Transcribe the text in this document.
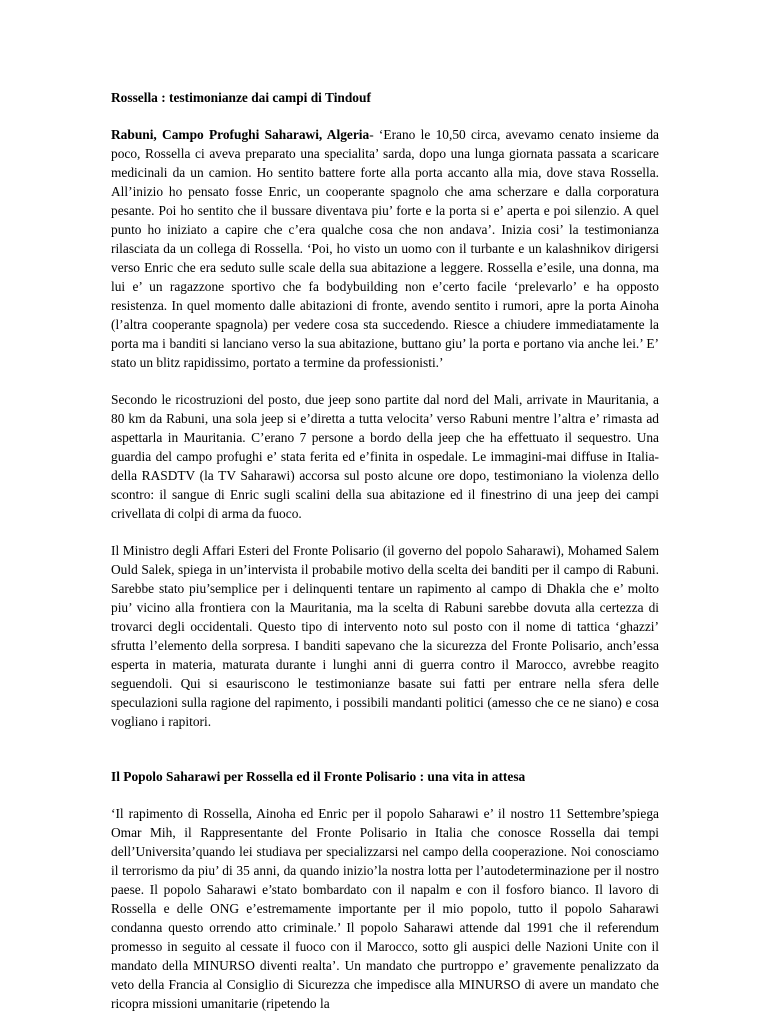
Rossella : testimonianze dai campi di Tindouf

Rabuni, Campo Profughi Saharawi, Algeria- ‘Erano le 10,50 circa, avevamo cenato insieme da poco, Rossella ci aveva preparato una specialita’ sarda, dopo una lunga giornata passata a scaricare medicinali da un camion. Ho sentito battere forte alla porta accanto alla mia, dove stava Rossella. All’inizio ho pensato fosse Enric, un cooperante spagnolo che ama scherzare e dalla corporatura pesante. Poi ho sentito che il bussare diventava piu’ forte e la porta si e’ aperta e poi silenzio. A quel punto ho iniziato a capire che c’era qualche cosa che non andava’. Inizia cosi’ la testimonianza rilasciata da un collega di Rossella. ‘Poi, ho visto un uomo con il turbante e un kalashnikov dirigersi verso Enric che era seduto sulle scale della sua abitazione a leggere. Rossella e’esile, una donna, ma lui e’ un ragazzone sportivo che fa bodybuilding non e’certo facile ‘prelevarlo’ e ha opposto resistenza. In quel momento dalle abitazioni di fronte, avendo sentito i rumori, apre la porta Ainoha (l’altra cooperante spagnola) per vedere cosa sta succedendo. Riesce a chiudere immediatamente la porta ma i banditi si lanciano verso la sua abitazione, buttano giu’ la porta e portano via anche lei.’ E’ stato un blitz rapidissimo, portato a termine da professionisti.’

Secondo le ricostruzioni del posto, due jeep sono partite dal nord del Mali, arrivate in Mauritania, a 80 km da Rabuni, una sola jeep si e’diretta a tutta velocita’ verso Rabuni mentre l’altra e’ rimasta ad aspettarla in Mauritania. C’erano 7 persone a bordo della jeep che ha effettuato il sequestro. Una guardia del campo profughi e’ stata ferita ed e’finita in ospedale. Le immagini-mai diffuse in Italia- della RASDTV (la TV Saharawi) accorsa sul posto alcune ore dopo, testimoniano la violenza dello scontro: il sangue di Enric sugli scalini della sua abitazione ed il finestrino di una jeep dei campi crivellata di colpi di arma da fuoco.

Il Ministro degli Affari Esteri del Fronte Polisario (il governo del popolo Saharawi), Mohamed Salem Ould Salek, spiega in un’intervista il probabile motivo della scelta dei banditi per il campo di Rabuni. Sarebbe stato piu’semplice per i delinquenti tentare un rapimento al campo di Dhakla che e’ molto piu’ vicino alla frontiera con la Mauritania, ma la scelta di Rabuni sarebbe dovuta alla certezza di trovarci degli occidentali. Questo tipo di intervento noto sul posto con il nome di tattica ‘ghazzi’ sfrutta l’elemento della sorpresa. I banditi sapevano che la sicurezza del Fronte Polisario, anch’essa esperta in materia, maturata durante i lunghi anni di guerra contro il Marocco, avrebbe reagito seguendoli. Qui si esauriscono le testimonianze basate sui fatti per entrare nella sfera delle speculazioni sulla ragione del rapimento, i possibili mandanti politici (amesso che ce ne siano) e cosa vogliano i rapitori.

Il Popolo Saharawi per Rossella ed il Fronte Polisario : una vita in attesa

‘Il rapimento di Rossella, Ainoha ed Enric per il popolo Saharawi e’ il nostro 11 Settembre’spiega Omar Mih, il Rappresentante del Fronte Polisario in Italia che conosce Rossella dai tempi dell’Universita’quando lei studiava per specializzarsi nel campo della cooperazione. Noi conosciamo il terrorismo da piu’ di 35 anni, da quando inizio’la nostra lotta per l’autodeterminazione per il nostro paese. Il popolo Saharawi e’stato bombardato con il napalm e con il fosforo bianco. Il lavoro di Rossella e delle ONG e’estremamente importante per il mio popolo, tutto il popolo Saharawi condanna questo orrendo atto criminale.’ Il popolo Saharawi attende dal 1991 che il referendum promesso in seguito al cessate il fuoco con il Marocco, sotto gli auspici delle Nazioni Unite con il mandato della MINURSO diventi realta’. Un mandato che purtroppo e’ gravemente penalizzato da veto della Francia al Consiglio di Sicurezza che impedisce alla MINURSO di avere un mandato che ricopra missioni umanitarie (ripetendo la
